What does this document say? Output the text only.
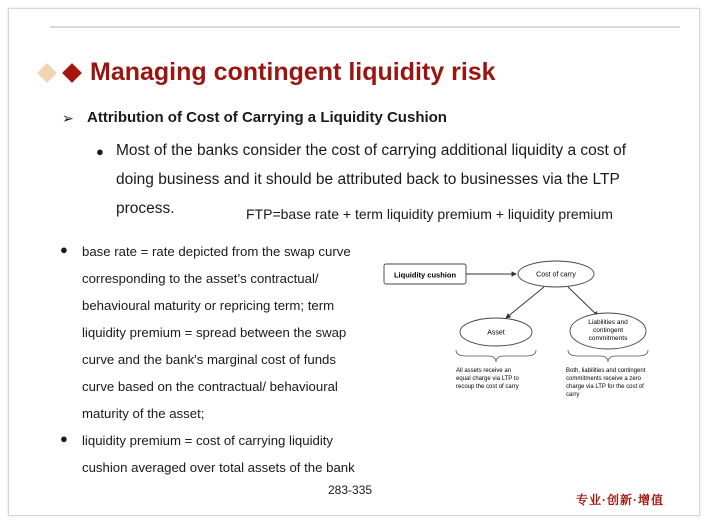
Managing contingent liquidity risk
➢ Attribution of Cost of Carrying a Liquidity Cushion
● Most of the banks consider the cost of carrying additional liquidity a cost of doing business and it should be attributed back to businesses via the LTP process.	FTP=base rate + term liquidity premium + liquidity premium
● base rate = rate depicted from the swap curve
corresponding to the asset’s contractual/
behavioural maturity or repricing term; term
liquidity premium = spread between the swap
curve and the bank's marginal cost of funds
curve based on the contractual/ behavioural
maturity of the asset;
● liquidity premium = cost of carrying liquidity
cushion averaged over total assets of the bank
Liquidity cushion	Cost of carry
Asset
Liabilities and
contingent
commitments
All assets receive an
equal charge via LTP to
recoup the cost of carry
Both, liabilities and contingent
commitments receive a zero
charge via LTP for the cost of
carry
283-335
专业·创新·增值
